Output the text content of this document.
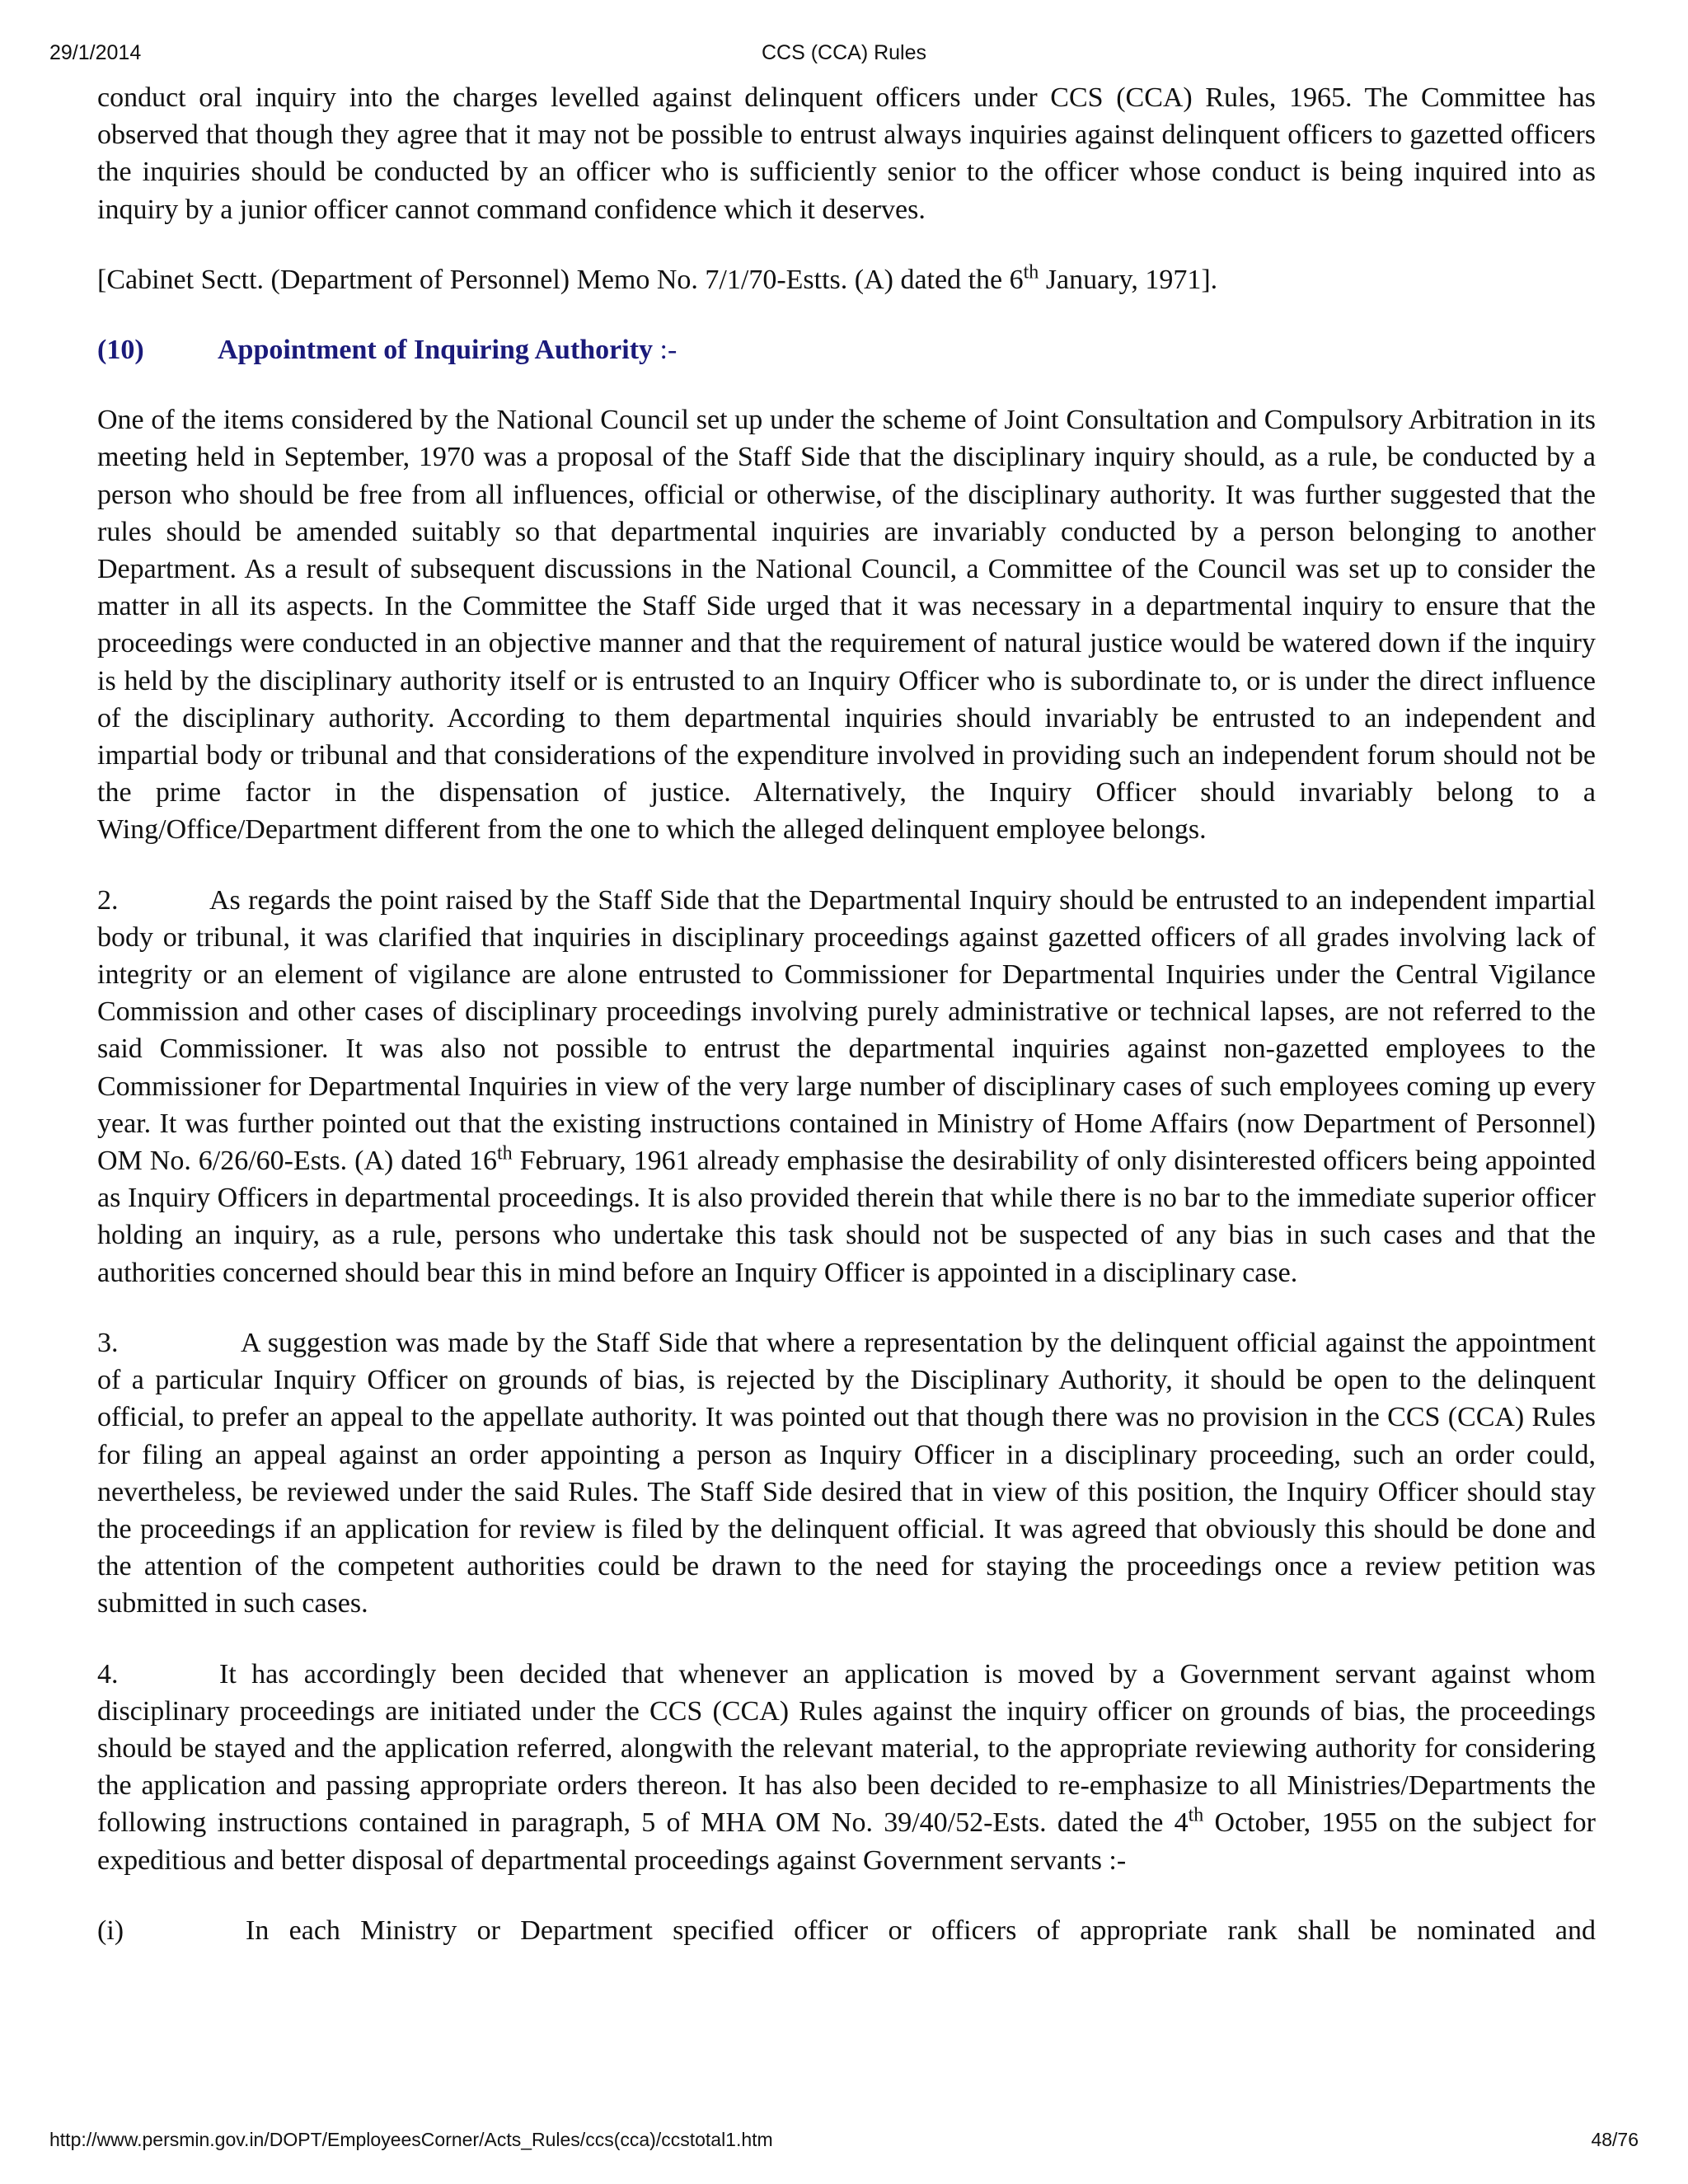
29/1/2014	CCS (CCA) Rules

conduct oral inquiry into the charges levelled against delinquent officers under CCS (CCA) Rules, 1965. The Committee has observed that though they agree that it may not be possible to entrust always inquiries against delinquent officers to gazetted officers the inquiries should be conducted by an officer who is sufficiently senior to the officer whose conduct is being inquired into as inquiry by a junior officer cannot command confidence which it deserves.

[Cabinet Sectt. (Department of Personnel) Memo No. 7/1/70-Estts. (A) dated the 6th January, 1971].

(10)	Appointment of Inquiring Authority :-

One of the items considered by the National Council set up under the scheme of Joint Consultation and Compulsory Arbitration in its meeting held in September, 1970 was a proposal of the Staff Side that the disciplinary inquiry should, as a rule, be conducted by a person who should be free from all influences, official or otherwise, of the disciplinary authority. It was further suggested that the rules should be amended suitably so that departmental inquiries are invariably conducted by a person belonging to another Department. As a result of subsequent discussions in the National Council, a Committee of the Council was set up to consider the matter in all its aspects. In the Committee the Staff Side urged that it was necessary in a departmental inquiry to ensure that the proceedings were conducted in an objective manner and that the requirement of natural justice would be watered down if the inquiry is held by the disciplinary authority itself or is entrusted to an Inquiry Officer who is subordinate to, or is under the direct influence of the disciplinary authority. According to them departmental inquiries should invariably be entrusted to an independent and impartial body or tribunal and that considerations of the expenditure involved in providing such an independent forum should not be the prime factor in the dispensation of justice. Alternatively, the Inquiry Officer should invariably belong to a Wing/Office/Department different from the one to which the alleged delinquent employee belongs.

2.	As regards the point raised by the Staff Side that the Departmental Inquiry should be entrusted to an independent impartial body or tribunal, it was clarified that inquiries in disciplinary proceedings against gazetted officers of all grades involving lack of integrity or an element of vigilance are alone entrusted to Commissioner for Departmental Inquiries under the Central Vigilance Commission and other cases of disciplinary proceedings involving purely administrative or technical lapses, are not referred to the said Commissioner. It was also not possible to entrust the departmental inquiries against non-gazetted employees to the Commissioner for Departmental Inquiries in view of the very large number of disciplinary cases of such employees coming up every year. It was further pointed out that the existing instructions contained in Ministry of Home Affairs (now Department of Personnel) OM No. 6/26/60-Ests. (A) dated 16th February, 1961 already emphasise the desirability of only disinterested officers being appointed as Inquiry Officers in departmental proceedings. It is also provided therein that while there is no bar to the immediate superior officer holding an inquiry, as a rule, persons who undertake this task should not be suspected of any bias in such cases and that the authorities concerned should bear this in mind before an Inquiry Officer is appointed in a disciplinary case.

3.	A suggestion was made by the Staff Side that where a representation by the delinquent official against the appointment of a particular Inquiry Officer on grounds of bias, is rejected by the Disciplinary Authority, it should be open to the delinquent official, to prefer an appeal to the appellate authority. It was pointed out that though there was no provision in the CCS (CCA) Rules for filing an appeal against an order appointing a person as Inquiry Officer in a disciplinary proceeding, such an order could, nevertheless, be reviewed under the said Rules. The Staff Side desired that in view of this position, the Inquiry Officer should stay the proceedings if an application for review is filed by the delinquent official. It was agreed that obviously this should be done and the attention of the competent authorities could be drawn to the need for staying the proceedings once a review petition was submitted in such cases.

4.	It has accordingly been decided that whenever an application is moved by a Government servant against whom disciplinary proceedings are initiated under the CCS (CCA) Rules against the inquiry officer on grounds of bias, the proceedings should be stayed and the application referred, alongwith the relevant material, to the appropriate reviewing authority for considering the application and passing appropriate orders thereon. It has also been decided to re-emphasize to all Ministries/Departments the following instructions contained in paragraph, 5 of MHA OM No. 39/40/52-Ests. dated the 4th October, 1955 on the subject for expeditious and better disposal of departmental proceedings against Government servants :-

(i)	In each Ministry or Department specified officer or officers of appropriate rank shall be nominated and

http://www.persmin.gov.in/DOPT/EmployeesCorner/Acts_Rules/ccs(cca)/ccstotal1.htm	48/76
